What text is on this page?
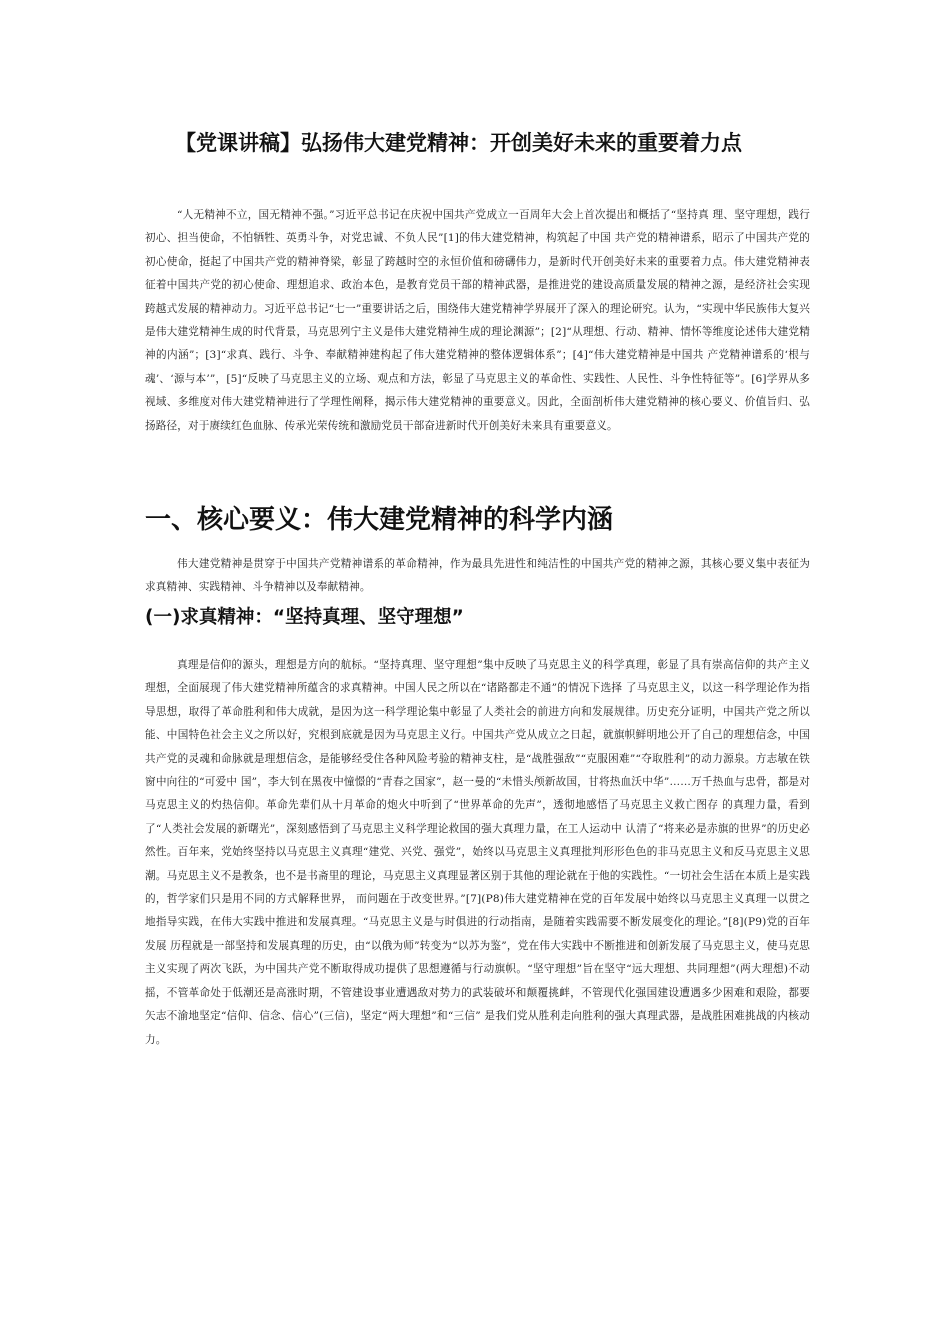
【党课讲稿】弘扬伟大建党精神：开创美好未来的重要着力点

“人无精神不立，国无精神不强。”习近平总书记在庆祝中国共产党成立一百周年大会上首次提出和概括了“坚持真 理、坚守理想，践行初心、担当使命，不怕牺牲、英勇斗争，对党忠诚、不负人民”[1]的伟大建党精神，构筑起了中国 共产党的精神谱系，昭示了中国共产党的初心使命，挺起了中国共产党的精神脊梁，彰显了跨越时空的永恒价值和磅礴伟力，是新时代开创美好未来的重要着力点。伟大建党精神表征着中国共产党的初心使命、理想追求、政治本色，是教育党员干部的精神武器，是推进党的建设高质量发展的精神之源，是经济社会实现跨越式发展的精神动力。习近平总书记“七一”重要讲话之后，围绕伟大建党精神学界展开了深入的理论研究。认为，“实现中华民族伟大复兴是伟大建党精神生成的时代背景，马克思列宁主义是伟大建党精神生成的理论渊源”；[2]“从理想、行动、精神、情怀等维度论述伟大建党精神的内涵”；[3]“求真、践行、斗争、奉献精神建构起了伟大建党精神的整体逻辑体系”；[4]“伟大建党精神是中国共 产党精神谱系的‘根与魂’、‘源与本’”，[5]“反映了马克思主义的立场、观点和方法，彰显了马克思主义的革命性、实践性、人民性、斗争性特征等”。[6]学界从多视域、多维度对伟大建党精神进行了学理性阐释，揭示伟大建党精神的重要意义。因此，全面剖析伟大建党精神的核心要义、价值旨归、弘扬路径，对于赓续红色血脉、传承光荣传统和激励党员干部奋进新时代开创美好未来具有重要意义。

一、核心要义：伟大建党精神的科学内涵

伟大建党精神是贯穿于中国共产党精神谱系的革命精神，作为最具先进性和纯洁性的中国共产党的精神之源，其核心要义集中表征为求真精神、实践精神、斗争精神以及奉献精神。

(一)求真精神：“坚持真理、坚守理想”

真理是信仰的源头，理想是方向的航标。“坚持真理、坚守理想”集中反映了马克思主义的科学真理，彰显了具有崇高信仰的共产主义理想，全面展现了伟大建党精神所蕴含的求真精神。中国人民之所以在“诸路都走不通”的情况下选择 了马克思主义，以这一科学理论作为指导思想，取得了革命胜利和伟大成就，是因为这一科学理论集中彰显了人类社会的前进方向和发展规律。历史充分证明，中国共产党之所以能、中国特色社会主义之所以好，究根到底就是因为马克思主义行。中国共产党从成立之日起，就旗帜鲜明地公开了自己的理想信念，中国共产党的灵魂和命脉就是理想信念，是能够经受住各种风险考验的精神支柱，是“战胜强敌”“克服困难”“夺取胜利”的动力源泉。方志敏在铁窗中向往的“可爱中 国”，李大钊在黑夜中憧憬的“青春之国家”，赵一曼的“未惜头颅新故国，甘将热血沃中华”……万千热血与忠骨，都是对 马克思主义的灼热信仰。革命先辈们从十月革命的炮火中听到了“世界革命的先声”，透彻地感悟了马克思主义救亡图存 的真理力量，看到了“人类社会发展的新曙光”，深刻感悟到了马克思主义科学理论救国的强大真理力量，在工人运动中 认清了“将来必是赤旗的世界”的历史必然性。百年来，党始终坚持以马克思主义真理“建党、兴党、强党”，始终以马克思主义真理批判形形色色的非马克思主义和反马克思主义思潮。马克思主义不是教条，也不是书斋里的理论，马克思主义真理显著区别于其他的理论就在于他的实践性。“一切社会生活在本质上是实践的，哲学家们只是用不同的方式解释世界， 而问题在于改变世界。”[7](P8)伟大建党精神在党的百年发展中始终以马克思主义真理一以贯之地指导实践，在伟大实践中推进和发展真理。“马克思主义是与时俱进的行动指南，是随着实践需要不断发展变化的理论。”[8](P9)党的百年发展 历程就是一部坚持和发展真理的历史，由“以俄为师”转变为“以苏为鉴”，党在伟大实践中不断推进和创新发展了马克思主义，使马克思主义实现了两次飞跃，为中国共产党不断取得成功提供了思想遵循与行动旗帜。“坚守理想”旨在坚守“远大理想、共同理想”(两大理想)不动摇，不管革命处于低潮还是高涨时期，不管建设事业遭遇敌对势力的武装破坏和颠覆挑衅，不管现代化强国建设遭遇多少困难和艰险，都要矢志不渝地坚定“信仰、信念、信心”(三信)，坚定“两大理想”和“三信” 是我们党从胜利走向胜利的强大真理武器，是战胜困难挑战的内核动力。
